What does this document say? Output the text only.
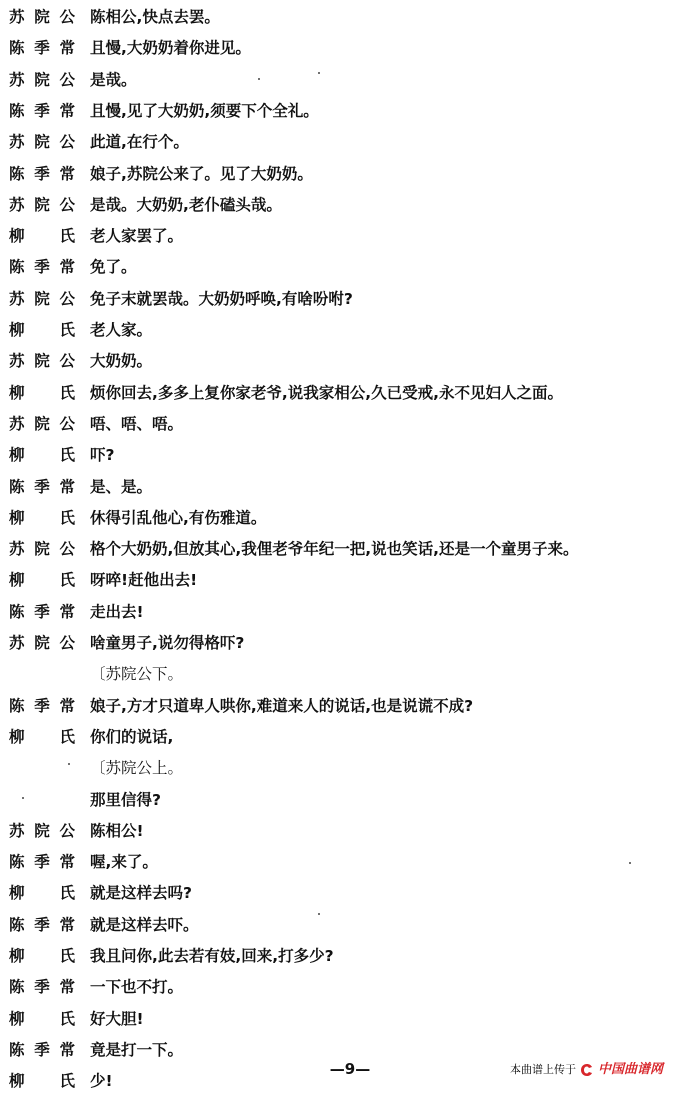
苏院公 陈相公,快点去罢。
陈季常 且慢,大奶奶着你进见。
苏院公 是哉。
陈季常 且慢,见了大奶奶,须要下个全礼。
苏院公 此道,在行个。
陈季常 娘子,苏院公来了。见了大奶奶。
苏院公 是哉。大奶奶,老仆磕头哉。
柳 氏 老人家罢了。
陈季常 免了。
苏院公 免子末就罢哉。大奶奶呼唤,有啥吩咐?
柳 氏 老人家。
苏院公 大奶奶。
柳 氏 烦你回去,多多上复你家老爷,说我家相公,久已受戒,永不见妇人之面。
苏院公 唔、唔、唔。
柳 氏 吓?
陈季常 是、是。
柳 氏 休得引乱他心,有伤雅道。
苏院公 格个大奶奶,但放其心,我俚老爷年纪一把,说也笑话,还是一个童男子来。
柳 氏 呀啐!赶他出去!
陈季常 走出去!
苏院公 啥童男子,说勿得格吓?
〔苏院公下。
陈季常 娘子,方才只道卑人哄你,难道来人的说话,也是说谎不成?
柳 氏 你们的说话,
〔苏院公上。
那里信得?
苏院公 陈相公!
陈季常 喔,来了。
柳 氏 就是这样去吗?
陈季常 就是这样去吓。
柳 氏 我且问你,此去若有妓,回来,打多少?
陈季常 一下也不打。
柳 氏 好大胆!
陈季常 竟是打一下。
柳 氏 少!
—9—	本曲谱上传于 中国曲谱网
